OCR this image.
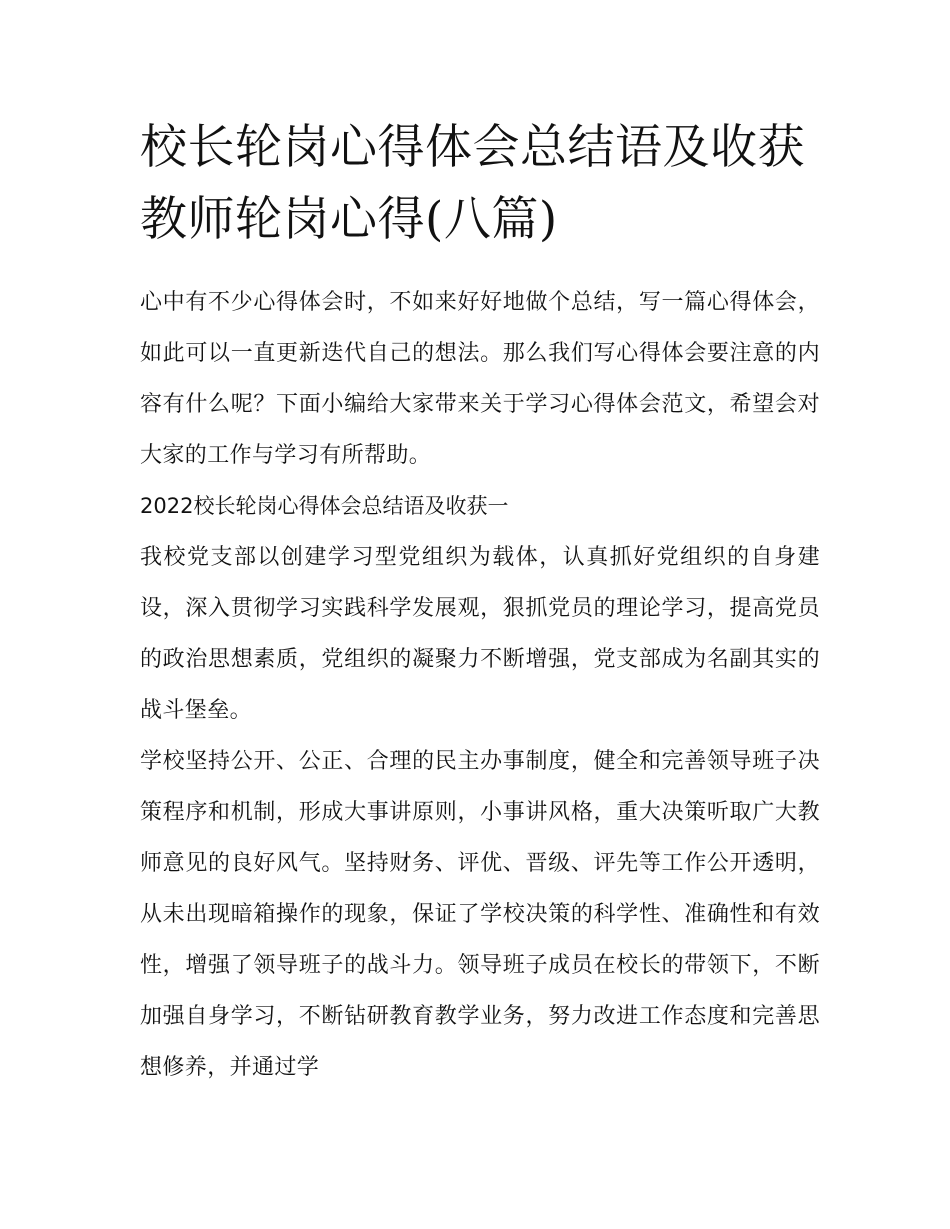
校长轮岗心得体会总结语及收获 教师轮岗心得(八篇)

心中有不少心得体会时，不如来好好地做个总结，写一篇心得体会，如此可以一直更新迭代自己的想法。那么我们写心得体会要注意的内容有什么呢？下面小编给大家带来关于学习心得体会范文，希望会对大家的工作与学习有所帮助。

2022校长轮岗心得体会总结语及收获一

我校党支部以创建学习型党组织为载体，认真抓好党组织的自身建设，深入贯彻学习实践科学发展观，狠抓党员的理论学习，提高党员的政治思想素质，党组织的凝聚力不断增强，党支部成为名副其实的战斗堡垒。

学校坚持公开、公正、合理的民主办事制度，健全和完善领导班子决策程序和机制，形成大事讲原则，小事讲风格，重大决策听取广大教师意见的良好风气。坚持财务、评优、晋级、评先等工作公开透明，从未出现暗箱操作的现象，保证了学校决策的科学性、准确性和有效性，增强了领导班子的战斗力。领导班子成员在校长的带领下，不断加强自身学习，不断钻研教育教学业务，努力改进工作态度和完善思想修养，并通过学
